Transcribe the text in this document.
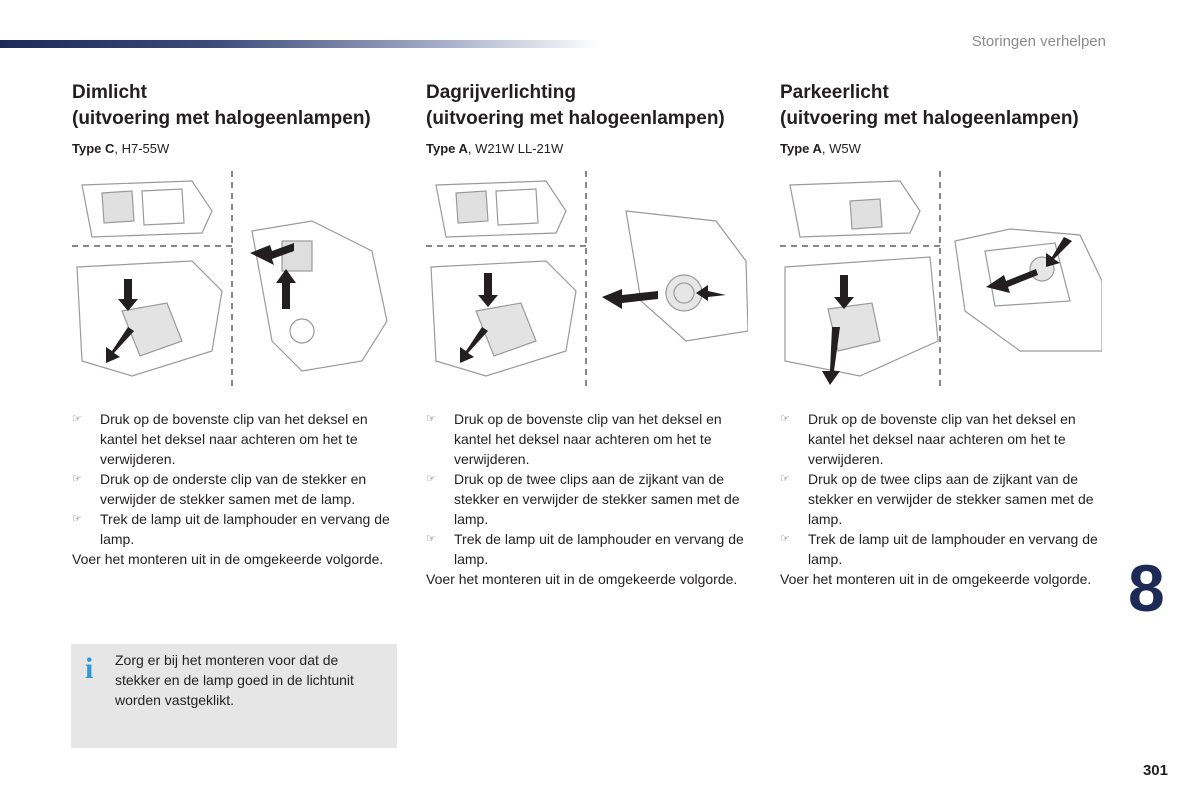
Storingen verhelpen
Dimlicht
(uitvoering met halogeenlampen)
Type C, H7-55W
☞	Druk op de bovenste clip van het deksel en kantel het deksel naar achteren om het te verwijderen.
☞	Druk op de onderste clip van de stekker en verwijder de stekker samen met de lamp.
☞	Trek de lamp uit de lamphouder en vervang de lamp.

Voer het monteren uit in de omgekeerde volgorde.

Dagrijverlichting
(uitvoering met halogeenlampen)
Type A, W21W LL-21W
☞	Druk op de bovenste clip van het deksel en kantel het deksel naar achteren om het te verwijderen.
☞	Druk op de twee clips aan de zijkant van de stekker en verwijder de stekker samen met de lamp.
☞	Trek de lamp uit de lamphouder en vervang de lamp.

Voer het monteren uit in de omgekeerde volgorde.

Parkeerlicht
(uitvoering met halogeenlampen)
Type A, W5W
☞	Druk op de bovenste clip van het deksel en kantel het deksel naar achteren om het te verwijderen.
☞	Druk op de twee clips aan de zijkant van de stekker en verwijder de stekker samen met de lamp.
☞	Trek de lamp uit de lamphouder en vervang de lamp.

Voer het monteren uit in de omgekeerde volgorde.

i Zorg er bij het monteren voor dat de stekker en de lamp goed in de lichtunit worden vastgeklikt.
8
301
